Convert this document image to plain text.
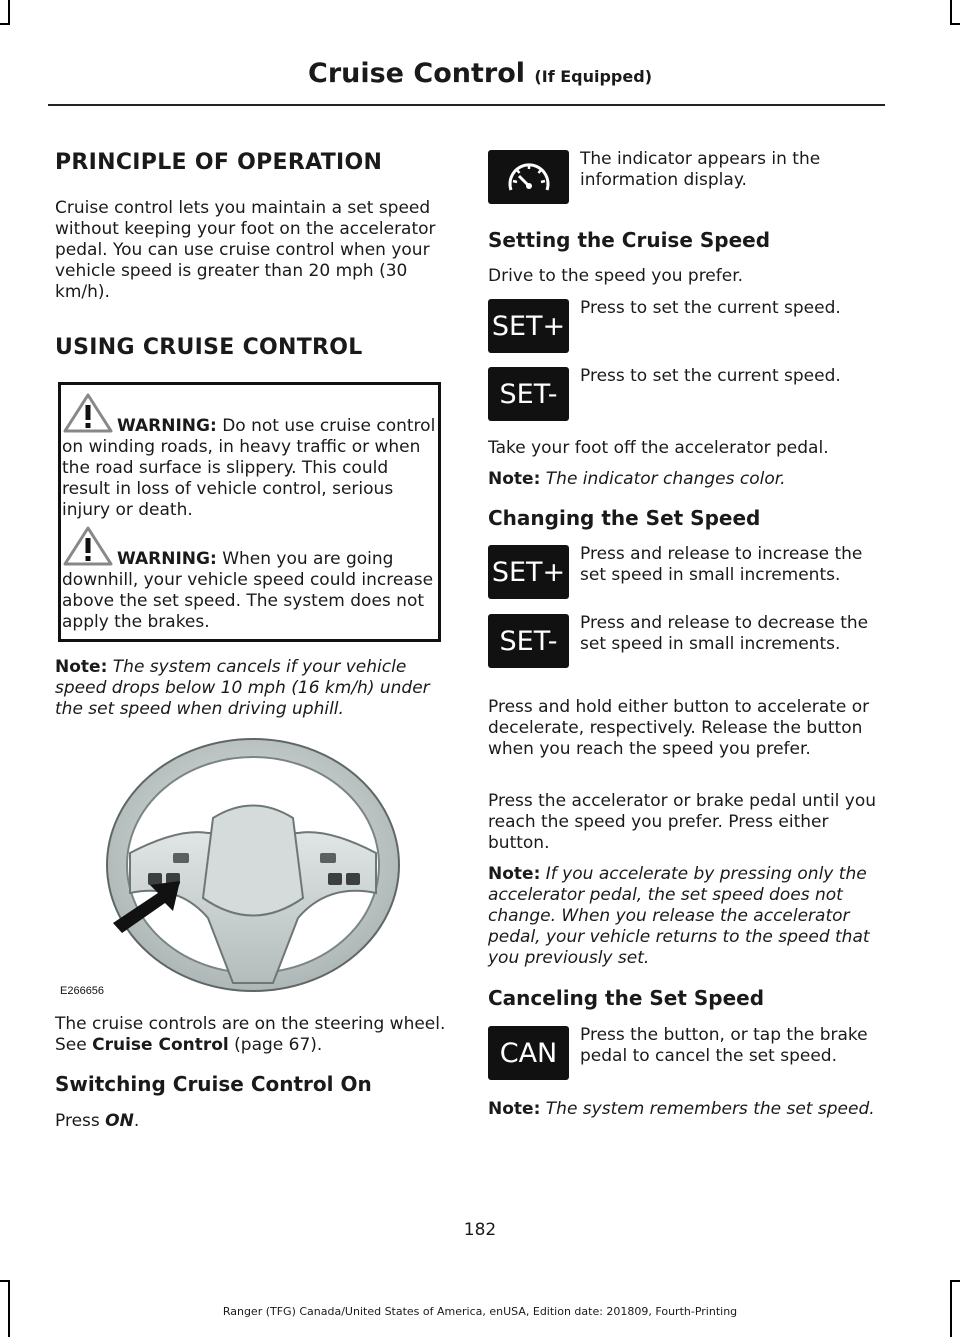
Cruise Control (If Equipped)
PRINCIPLE OF OPERATION
Cruise control lets you maintain a set speed without keeping your foot on the accelerator pedal. You can use cruise control when your vehicle speed is greater than 20 mph (30 km/h).
USING CRUISE CONTROL
WARNING: Do not use cruise control on winding roads, in heavy traffic or when the road surface is slippery. This could result in loss of vehicle control, serious injury or death.
WARNING: When you are going downhill, your vehicle speed could increase above the set speed. The system does not apply the brakes.
Note: The system cancels if your vehicle speed drops below 10 mph (16 km/h) under the set speed when driving uphill.
E266656
The cruise controls are on the steering wheel. See Cruise Control (page 67).
Switching Cruise Control On
Press ON.
The indicator appears in the information display.
Setting the Cruise Speed
Drive to the speed you prefer.
SET+
Press to set the current speed.
SET-
Press to set the current speed.
Take your foot off the accelerator pedal.
Note: The indicator changes color.
Changing the Set Speed
SET+
Press and release to increase the set speed in small increments.
SET-
Press and release to decrease the set speed in small increments.
Press and hold either button to accelerate or decelerate, respectively. Release the button when you reach the speed you prefer.
Press the accelerator or brake pedal until you reach the speed you prefer. Press either button.
Note: If you accelerate by pressing only the accelerator pedal, the set speed does not change. When you release the accelerator pedal, your vehicle returns to the speed that you previously set.
Canceling the Set Speed
CAN
Press the button, or tap the brake pedal to cancel the set speed.
Note: The system remembers the set speed.
182
Ranger (TFG) Canada/United States of America, enUSA, Edition date: 201809, Fourth-Printing
